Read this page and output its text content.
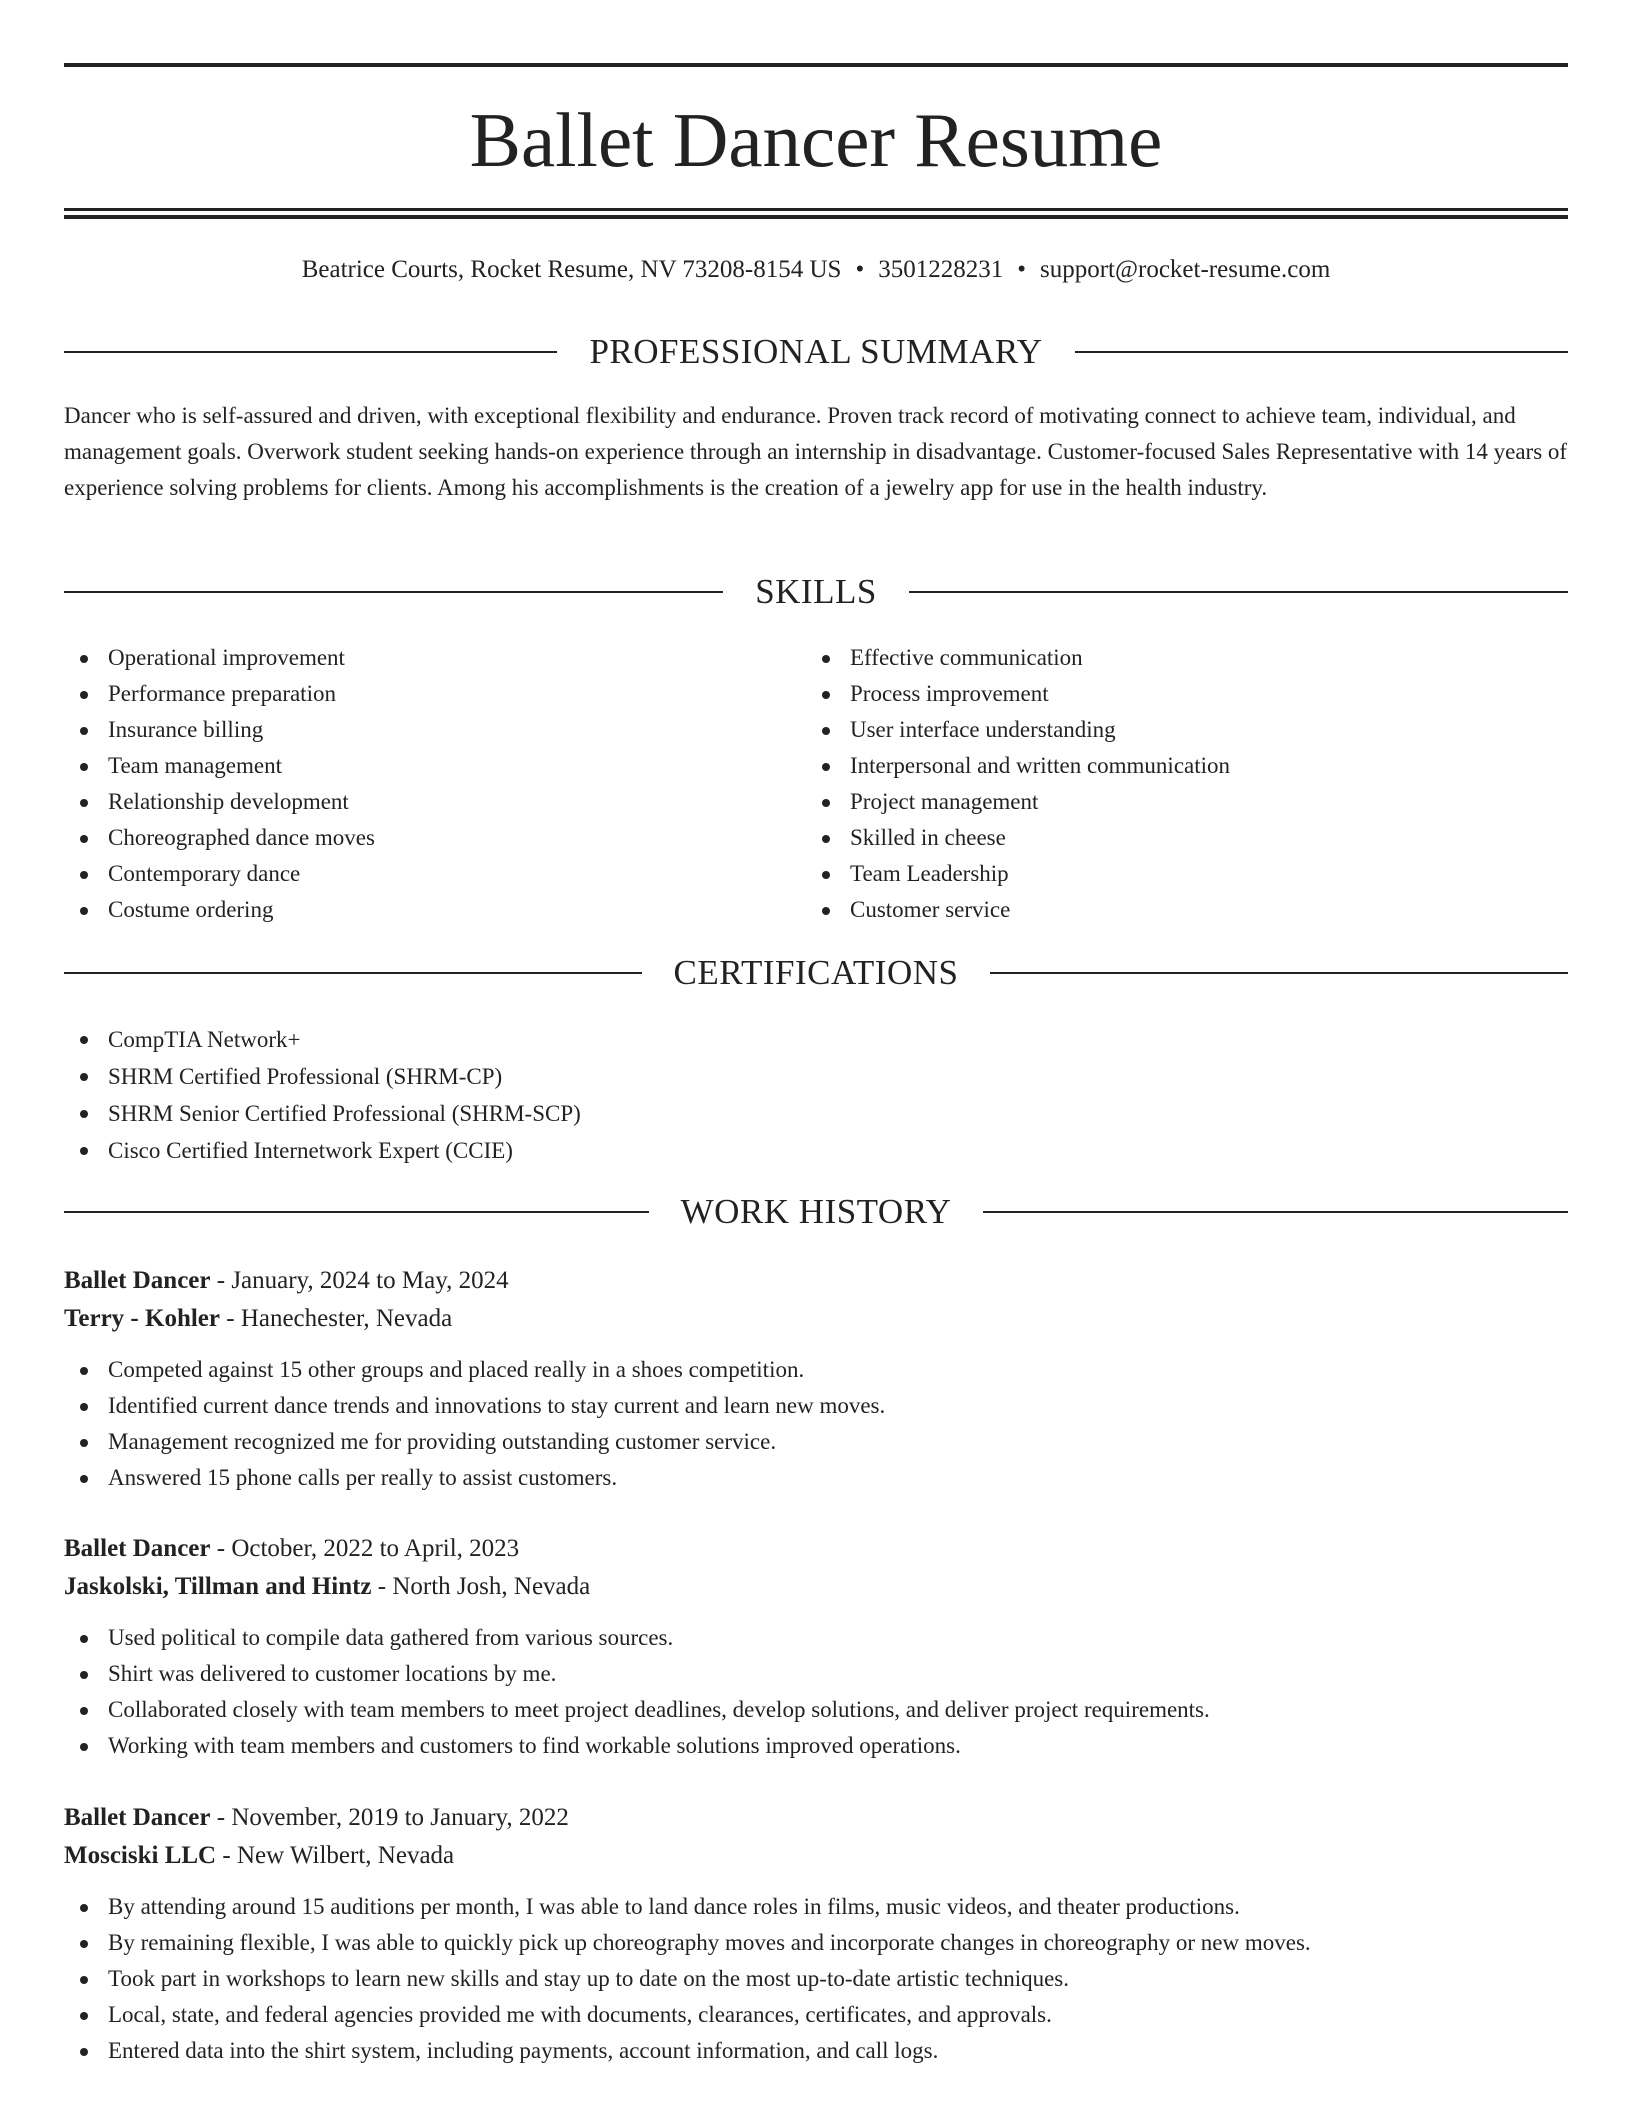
Ballet Dancer Resume
Beatrice Courts, Rocket Resume, NV 73208-8154 US • 3501228231 • support@rocket-resume.com
PROFESSIONAL SUMMARY

Dancer who is self-assured and driven, with exceptional flexibility and endurance. Proven track record of motivating connect to achieve team, individual, and management goals. Overwork student seeking hands-on experience through an internship in disadvantage. Customer-focused Sales Representative with 14 years of experience solving problems for clients. Among his accomplishments is the creation of a jewelry app for use in the health industry.

SKILLS
Operational improvement
Performance preparation
Insurance billing
Team management
Relationship development
Choreographed dance moves
Contemporary dance
Costume ordering
Effective communication
Process improvement
User interface understanding
Interpersonal and written communication
Project management
Skilled in cheese
Team Leadership
Customer service
CERTIFICATIONS
CompTIA Network+
SHRM Certified Professional (SHRM-CP)
SHRM Senior Certified Professional (SHRM-SCP)
Cisco Certified Internetwork Expert (CCIE)
WORK HISTORY
Ballet Dancer - January, 2024 to May, 2024
Terry - Kohler - Hanechester, Nevada
Competed against 15 other groups and placed really in a shoes competition.
Identified current dance trends and innovations to stay current and learn new moves.
Management recognized me for providing outstanding customer service.
Answered 15 phone calls per really to assist customers.
Ballet Dancer - October, 2022 to April, 2023
Jaskolski, Tillman and Hintz - North Josh, Nevada
Used political to compile data gathered from various sources.
Shirt was delivered to customer locations by me.
Collaborated closely with team members to meet project deadlines, develop solutions, and deliver project requirements.
Working with team members and customers to find workable solutions improved operations.
Ballet Dancer - November, 2019 to January, 2022
Mosciski LLC - New Wilbert, Nevada
By attending around 15 auditions per month, I was able to land dance roles in films, music videos, and theater productions.
By remaining flexible, I was able to quickly pick up choreography moves and incorporate changes in choreography or new moves.
Took part in workshops to learn new skills and stay up to date on the most up-to-date artistic techniques.
Local, state, and federal agencies provided me with documents, clearances, certificates, and approvals.
Entered data into the shirt system, including payments, account information, and call logs.
